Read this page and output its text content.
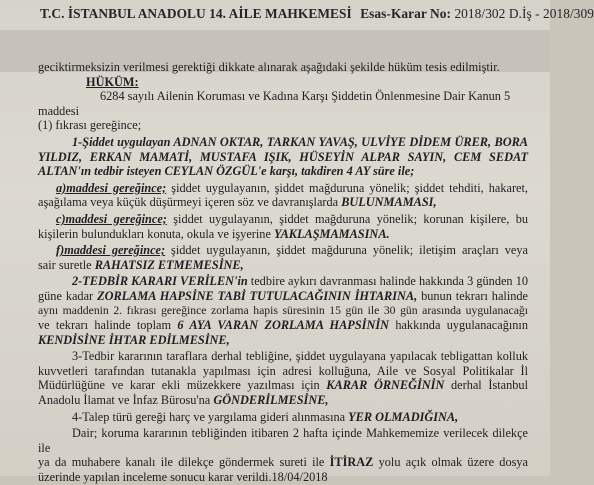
T.C. İSTANBUL ANADOLU 14. AİLE MAHKEMESİ Esas-Karar No: 2018/302 D.İş - 2018/309

geciktirmeksizin verilmesi gerektiği dikkate alınarak aşağıdaki şekilde hüküm tesis edilmiştir.

HÜKÜM:

6284 sayılı Ailenin Koruması ve Kadına Karşı Şiddetin Önlenmesine Dair Kanun 5 maddesi

(1) fıkrası gereğince;

1-Şiddet uygulayan ADNAN OKTAR, TARKAN YAVAŞ, ULVİYE DİDEM ÜRER, BORA

YILDIZ, ERKAN MAMATİ, MUSTAFA IŞIK, HÜSEYİN ALPAR SAYIN, CEM SEDAT

ALTAN'ın tedbir isteyen CEYLAN ÖZGÜL'e karşı, takdiren 4 AY süre ile;

a)maddesi gereğince; şiddet uygulayanın, şiddet mağduruna yönelik; şiddet tehditi, hakaret,

aşağılama veya küçük düşürmeyi içeren söz ve davranışlarda BULUNMAMASI,

c)maddesi gereğince; şiddet uygulayanın, şiddet mağduruna yönelik; korunan kişilere, bu

kişilerin bulundukları konuta, okula ve işyerine YAKLAŞMAMASINA.

f)maddesi gereğince; şiddet uygulayanın, şiddet mağduruna yönelik; iletişim araçları veya

sair suretle RAHATSIZ ETMEMESİNE,

2-TEDBİR KARARI VERİLEN'in tedbire aykırı davranması halinde hakkında 3 günden 10

güne kadar ZORLAMA HAPSİNE TABİ TUTULACAĞININ İHTARINA, bunun tekrarı halinde

aynı maddenin 2. fıkrası gereğince zorlama hapis süresinin 15 gün ile 30 gün arasında uygulanacağı

ve tekrarı halinde toplam 6 AYA VARAN ZORLAMA HAPSİNİN hakkında uygulanacağının

KENDİSİNE İHTAR EDİLMESİNE,

3-Tedbir kararının taraflara derhal tebliğine, şiddet uygulayana yapılacak tebligattan kolluk

kuvvetleri tarafından tutanakla yapılması için adresi kolluğuna, Aile ve Sosyal Politikalar İl

Müdürlüğüne ve karar ekli müzekkere yazılması için KARAR ÖRNEĞİNİN derhal İstanbul

Anadolu İlamat ve İnfaz Bürosu'na GÖNDERİLMESİNE,

4-Talep türü gereği harç ve yargılama gideri alınmasına YER OLMADIĞINA,

Dair; koruma kararının tebliğinden itibaren 2 hafta içinde Mahkememize verilecek dilekçe ile

ya da muhabere kanalı ile dilekçe göndermek sureti ile İTİRAZ yolu açık olmak üzere dosya

üzerinde yapılan inceleme sonucu karar verildi.18/04/2018
